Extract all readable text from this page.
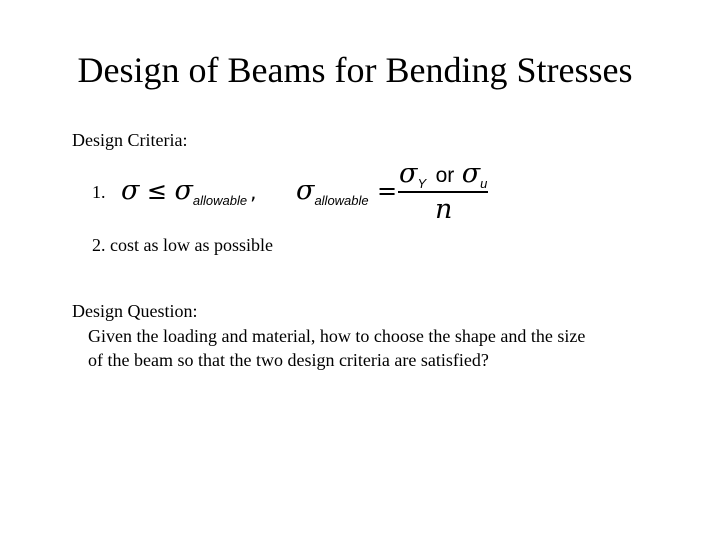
Design of Beams for Bending Stresses
Design Criteria:
1. $\sigma \le \sigma_{allowable}$ , $\sigma_{allowable}$ =
$\sigma_Y$ or $\sigma_u$
n
2. cost as low as possible
Design Question:
Given the loading and material, how to choose the shape and the size
of the beam so that the two design criteria are satisfied?
